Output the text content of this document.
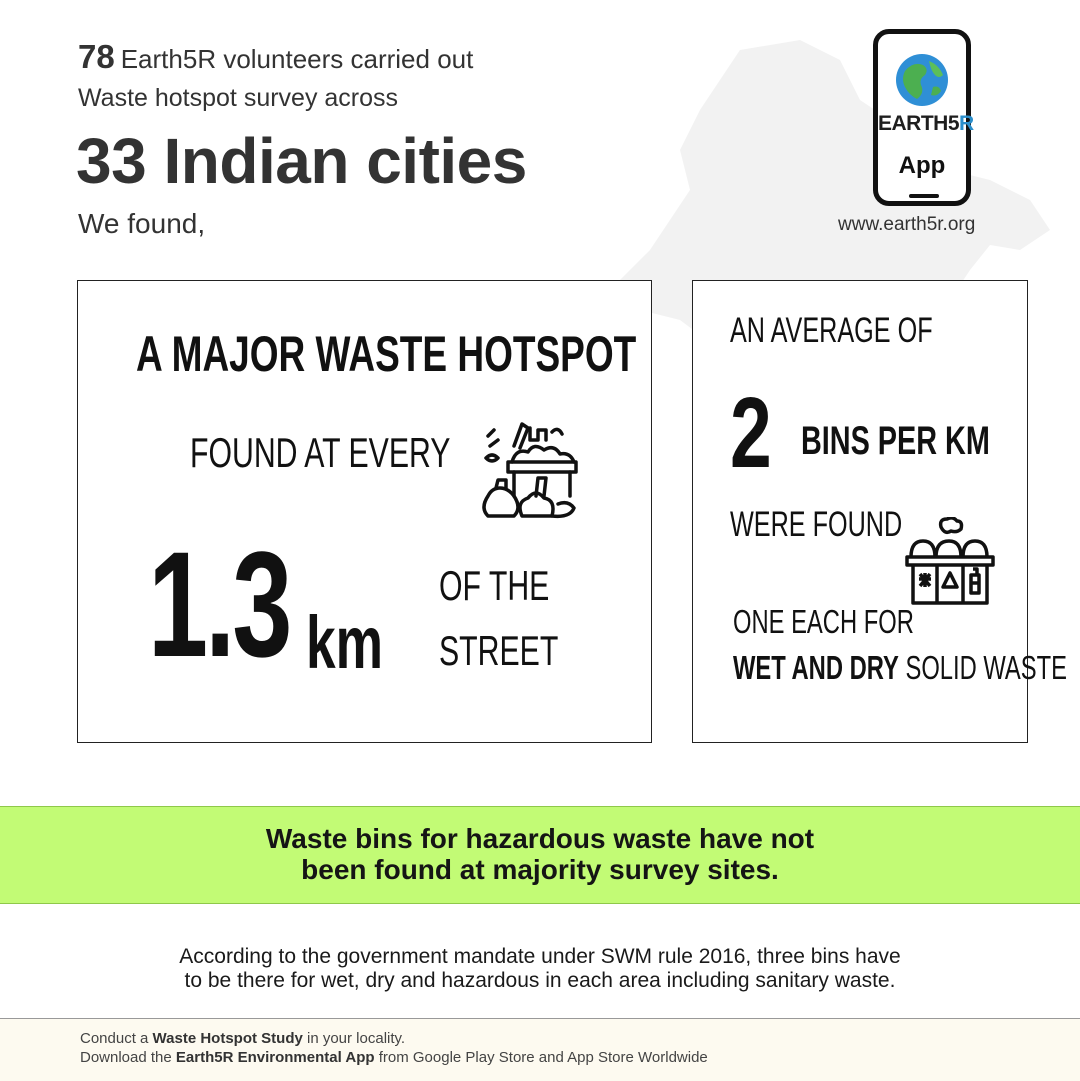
78 Earth5R volunteers carried out
Waste hotspot survey across
33 Indian cities
We found,
EARTH5R
App
www.earth5r.org
A MAJOR WASTE HOTSPOT
FOUND AT EVERY
1.3 km
OF THE
STREET
AN AVERAGE OF
2 BINS PER KM
WERE FOUND
ONE EACH FOR
WET AND DRY SOLID WASTE

Waste bins for hazardous waste have not
been found at majority survey sites.

According to the government mandate under SWM rule 2016, three bins have
to be there for wet, dry and hazardous in each area including sanitary waste.
Conduct a Waste Hotspot Study in your locality.
Download the Earth5R Environmental App from Google Play Store and App Store Worldwide
